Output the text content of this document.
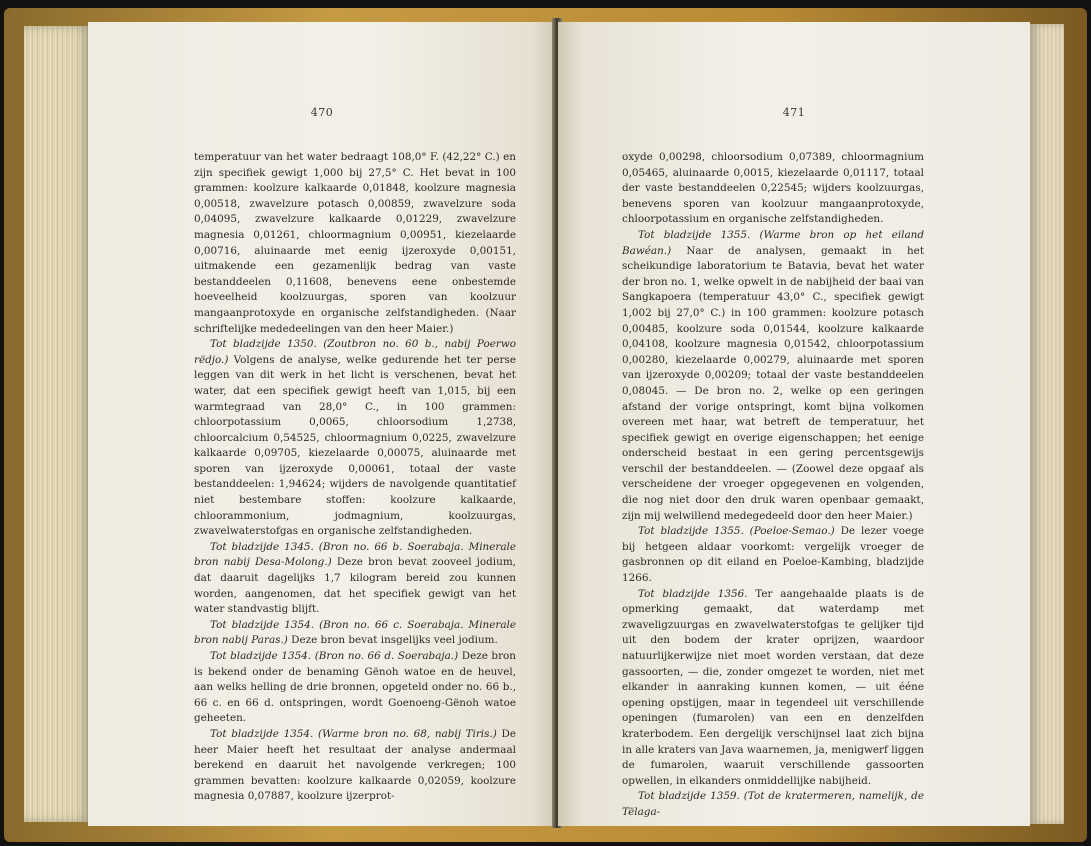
470

temperatuur van het water bedraagt 108,0° F. (42,22° C.) en zijn specifiek gewigt 1,000 bij 27,5° C. Het bevat in 100 grammen: koolzure kalkaarde 0,01848, koolzure magnesia 0,00518, zwavelzure potasch 0,00859, zwavelzure soda 0,04095, zwavelzure kalkaarde 0,01229, zwavelzure magnesia 0,01261, chloormagnium 0,00951, kiezelaarde 0,00716, aluinaarde met eenig ijzeroxyde 0,00151, uitmakende een gezamenlijk bedrag van vaste bestanddeelen 0,11608, benevens eene onbestemde hoeveelheid koolzuurgas, sporen van koolzuur mangaanprotoxyde en organische zelfstandigheden. (Naar schriftelijke mededeelingen van den heer Maier.)

Tot bladzijde 1350. (Zoutbron no. 60 b., nabij Poerwo rëdjo.) Volgens de analyse, welke gedurende het ter perse leggen van dit werk in het licht is verschenen, bevat het water, dat een specifiek gewigt heeft van 1,015, bij een warmtegraad van 28,0° C., in 100 grammen: chloorpotassium 0,0065, chloorsodium 1,2738, chloorcalcium 0,54525, chloormagnium 0,0225, zwavelzure kalkaarde 0,09705, kiezelaarde 0,00075, aluinaarde met sporen van ijzeroxyde 0,00061, totaal der vaste bestanddeelen: 1,94624; wijders de navolgende quantitatief niet bestembare stoffen: koolzure kalkaarde, chloorammonium, jodmagnium, koolzuurgas, zwavelwaterstofgas en organische zelfstandigheden.

Tot bladzijde 1345. (Bron no. 66 b. Soerabaja. Minerale bron nabij Desa-Molong.) Deze bron bevat zooveel jodium, dat daaruit dagelijks 1,7 kilogram bereid zou kunnen worden, aangenomen, dat het specifiek gewigt van het water standvastig blijft.

Tot bladzijde 1354. (Bron no. 66 c. Soerabaja. Minerale bron nabij Paras.) Deze bron bevat insgelijks veel jodium.

Tot bladzijde 1354. (Bron no. 66 d. Soerabaja.) Deze bron is bekend onder de benaming Gënoh watoe en de heuvel, aan welks helling de drie bronnen, opgeteld onder no. 66 b., 66 c. en 66 d. ontspringen, wordt Goenoeng-Gënoh watoe geheeten.

Tot bladzijde 1354. (Warme bron no. 68, nabij Tiris.) De heer Maier heeft het resultaat der analyse andermaal berekend en daaruit het navolgende verkregen; 100 grammen bevatten: koolzure kalkaarde 0,02059, koolzure magnesia 0,07887, koolzure ijzerprot-

471

oxyde 0,00298, chloorsodium 0,07389, chloormagnium 0,05465, aluinaarde 0,0015, kiezelaarde 0,01117, totaal der vaste bestanddeelen 0,22545; wijders koolzuurgas, benevens sporen van koolzuur mangaanprotoxyde, chloorpotassium en organische zelfstandigheden.

Tot bladzijde 1355. (Warme bron op het eiland Bawéan.) Naar de analysen, gemaakt in het scheikundige laboratorium te Batavia, bevat het water der bron no. 1, welke opwelt in de nabijheid der baai van Sangkapoera (temperatuur 43,0° C., specifiek gewigt 1,002 bij 27,0° C.) in 100 grammen: koolzure potasch 0,00485, koolzure soda 0,01544, koolzure kalkaarde 0,04108, koolzure magnesia 0,01542, chloorpotassium 0,00280, kiezelaarde 0,00279, aluinaarde met sporen van ijzeroxyde 0,00209; totaal der vaste bestanddeelen 0,08045. — De bron no. 2, welke op een geringen afstand der vorige ontspringt, komt bijna volkomen overeen met haar, wat betreft de temperatuur, het specifiek gewigt en overige eigenschappen; het eenige onderscheid bestaat in een gering percentsgewijs verschil der bestanddeelen. — (Zoowel deze opgaaf als verscheidene der vroeger opgegevenen en volgenden, die nog niet door den druk waren openbaar gemaakt, zijn mij welwillend medegedeeld door den heer Maier.)

Tot bladzijde 1355. (Poeloe-Semao.) De lezer voege bij hetgeen aldaar voorkomt: vergelijk vroeger de gasbronnen op dit eiland en Poeloe-Kambing, bladzijde 1266.

Tot bladzijde 1356. Ter aangehaalde plaats is de opmerking gemaakt, dat waterdamp met zwaveligzuurgas en zwavelwaterstofgas te gelijker tijd uit den bodem der krater oprijzen, waardoor natuurlijkerwijze niet moet worden verstaan, dat deze gassoorten, — die, zonder omgezet te worden, niet met elkander in aanraking kunnen komen, — uit ééne opening opstijgen, maar in tegendeel uit verschillende openingen (fumarolen) van een en denzelfden kraterbodem. Een dergelijk verschijnsel laat zich bijna in alle kraters van Java waarnemen, ja, menigwerf liggen de fumarolen, waaruit verschillende gassoorten opwellen, in elkanders onmiddellijke nabijheid.

Tot bladzijde 1359. (Tot de kratermeren, namelijk, de Tëlaga-
